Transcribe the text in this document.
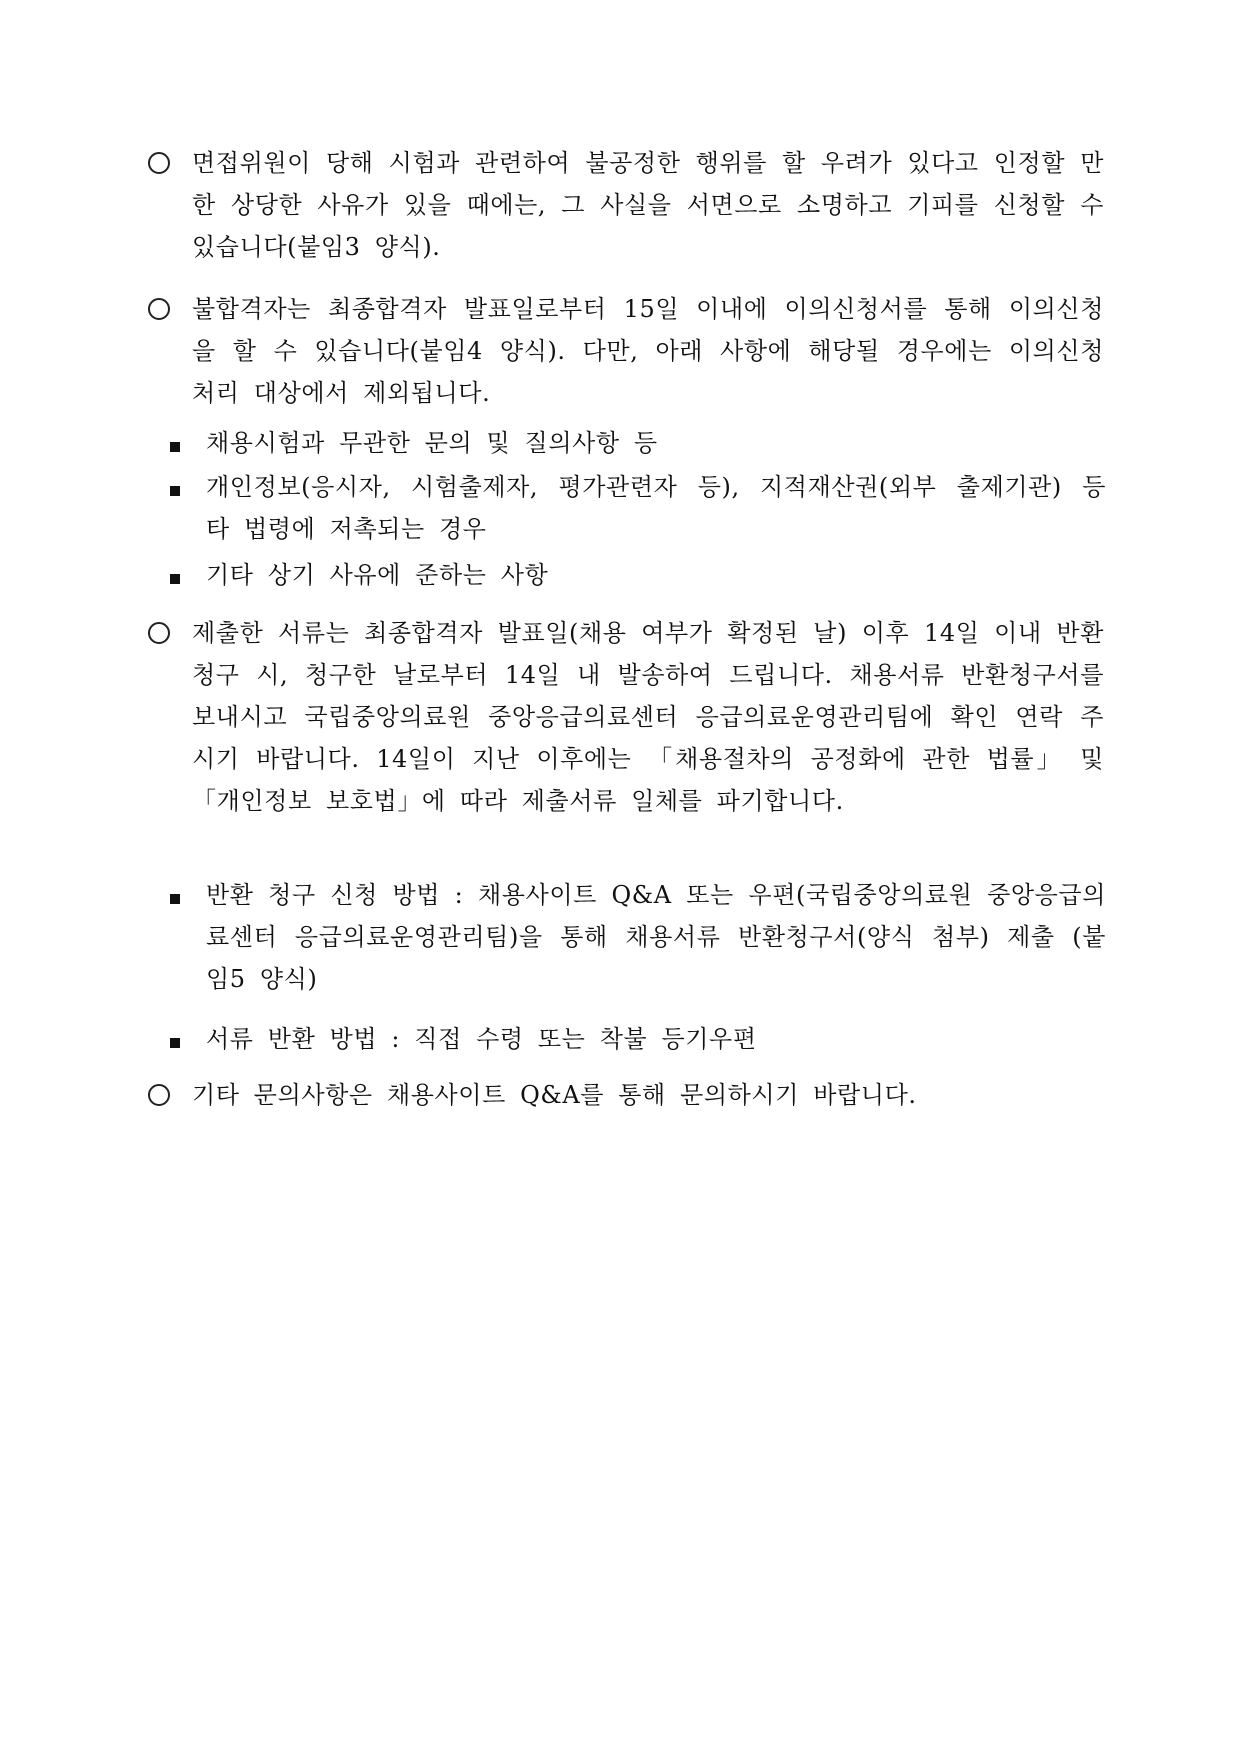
면접위원이 당해 시험과 관련하여 불공정한 행위를 할 우려가 있다고 인정할 만한 상당한 사유가 있을 때에는, 그 사실을 서면으로 소명하고 기피를 신청할 수 있습니다(붙임3 양식).

불합격자는 최종합격자 발표일로부터 15일 이내에 이의신청서를 통해 이의신청을 할 수 있습니다(붙임4 양식). 다만, 아래 사항에 해당될 경우에는 이의신청 처리 대상에서 제외됩니다.

채용시험과 무관한 문의 및 질의사항 등

개인정보(응시자, 시험출제자, 평가관련자 등), 지적재산권(외부 출제기관) 등 타 법령에 저촉되는 경우

기타 상기 사유에 준하는 사항

제출한 서류는 최종합격자 발표일(채용 여부가 확정된 날) 이후 14일 이내 반환 청구 시, 청구한 날로부터 14일 내 발송하여 드립니다. 채용서류 반환청구서를 보내시고 국립중앙의료원 중앙응급의료센터 응급의료운영관리팀에 확인 연락 주시기 바랍니다. 14일이 지난 이후에는 「채용절차의 공정화에 관한 법률」 및 「개인정보 보호법」에 따라 제출서류 일체를 파기합니다.

반환 청구 신청 방법 : 채용사이트 Q&A 또는 우편(국립중앙의료원 중앙응급의료센터 응급의료운영관리팀)을 통해 채용서류 반환청구서(양식 첨부) 제출 (붙임5 양식)

서류 반환 방법 : 직접 수령 또는 착불 등기우편

기타 문의사항은 채용사이트 Q&A를 통해 문의하시기 바랍니다.
